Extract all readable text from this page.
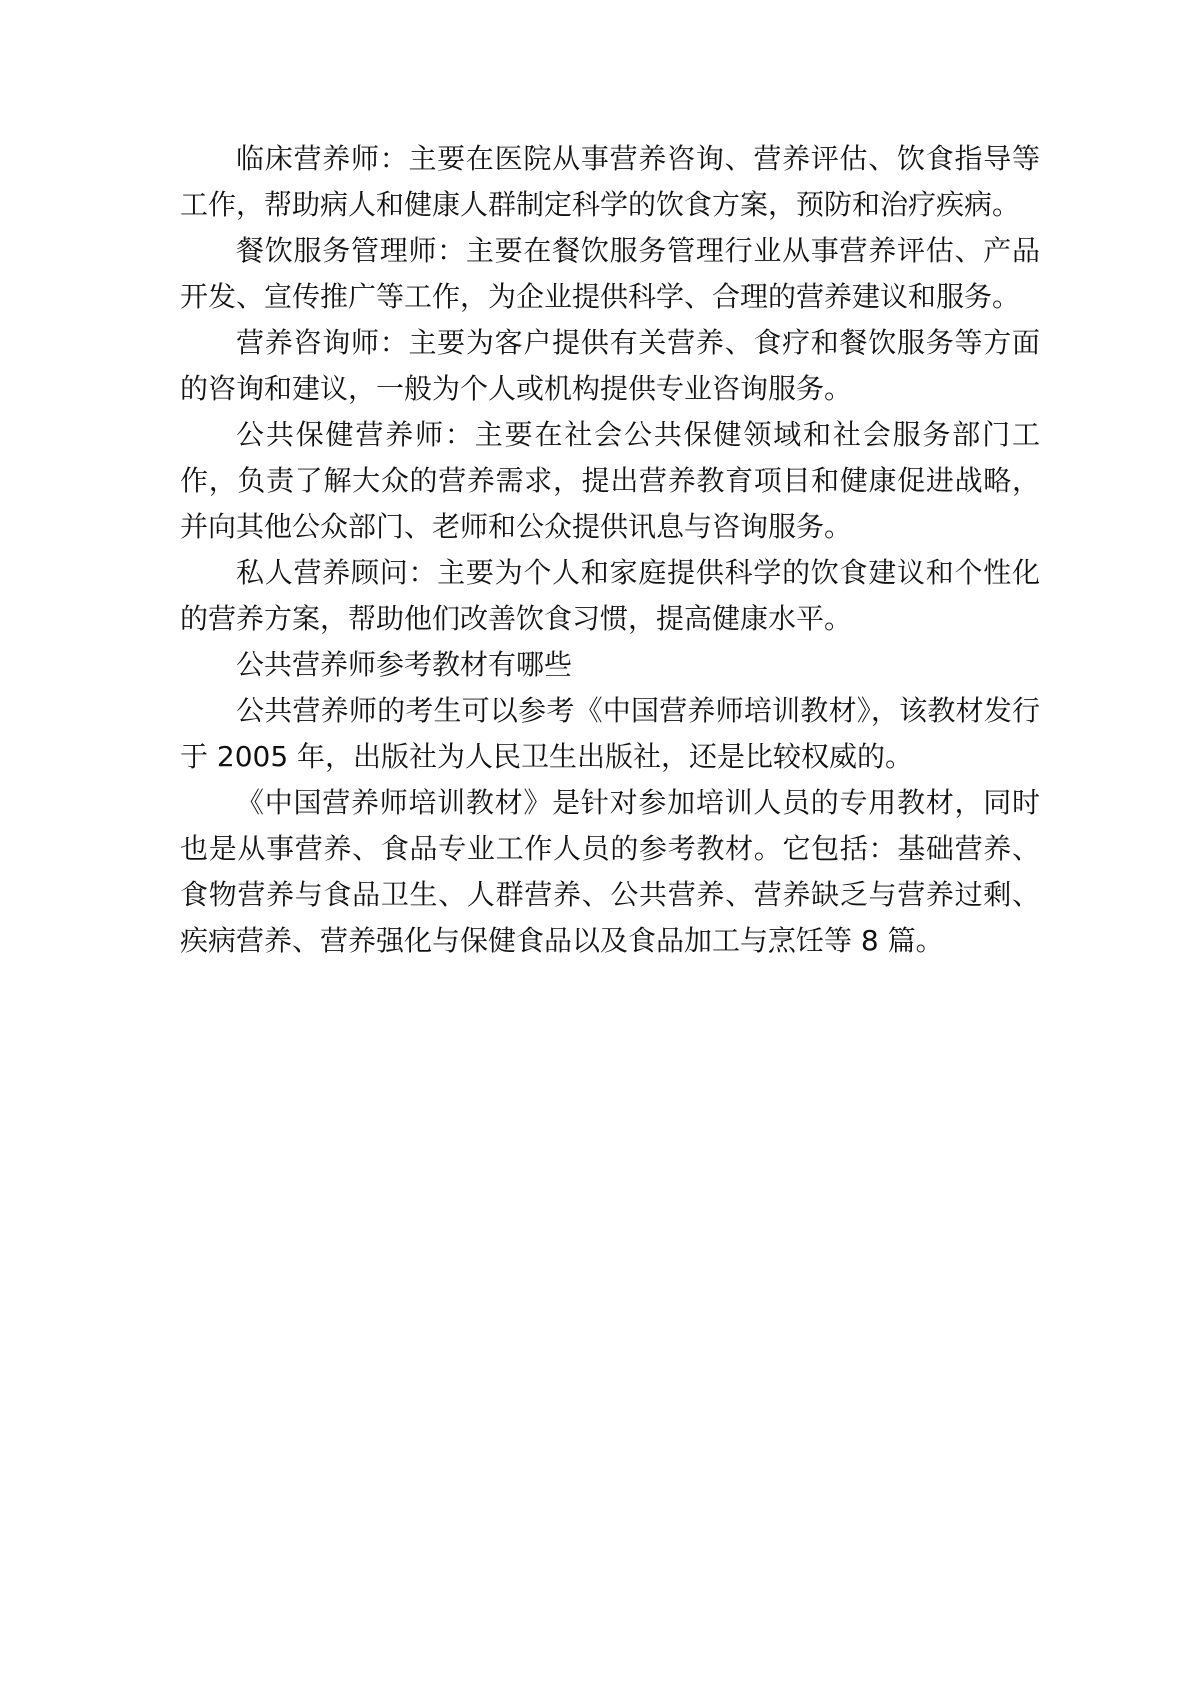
临床营养师：主要在医院从事营养咨询、营养评估、饮食指导等工作，帮助病人和健康人群制定科学的饮食方案，预防和治疗疾病。

餐饮服务管理师：主要在餐饮服务管理行业从事营养评估、产品开发、宣传推广等工作，为企业提供科学、合理的营养建议和服务。

营养咨询师：主要为客户提供有关营养、食疗和餐饮服务等方面的咨询和建议，一般为个人或机构提供专业咨询服务。

公共保健营养师：主要在社会公共保健领域和社会服务部门工作，负责了解大众的营养需求，提出营养教育项目和健康促进战略，并向其他公众部门、老师和公众提供讯息与咨询服务。

私人营养顾问：主要为个人和家庭提供科学的饮食建议和个性化的营养方案，帮助他们改善饮食习惯，提高健康水平。

公共营养师参考教材有哪些

公共营养师的考生可以参考《中国营养师培训教材》，该教材发行于 2005 年，出版社为人民卫生出版社，还是比较权威的。

《中国营养师培训教材》是针对参加培训人员的专用教材，同时也是从事营养、食品专业工作人员的参考教材。它包括：基础营养、食物营养与食品卫生、人群营养、公共营养、营养缺乏与营养过剩、疾病营养、营养强化与保健食品以及食品加工与烹饪等 8 篇。
